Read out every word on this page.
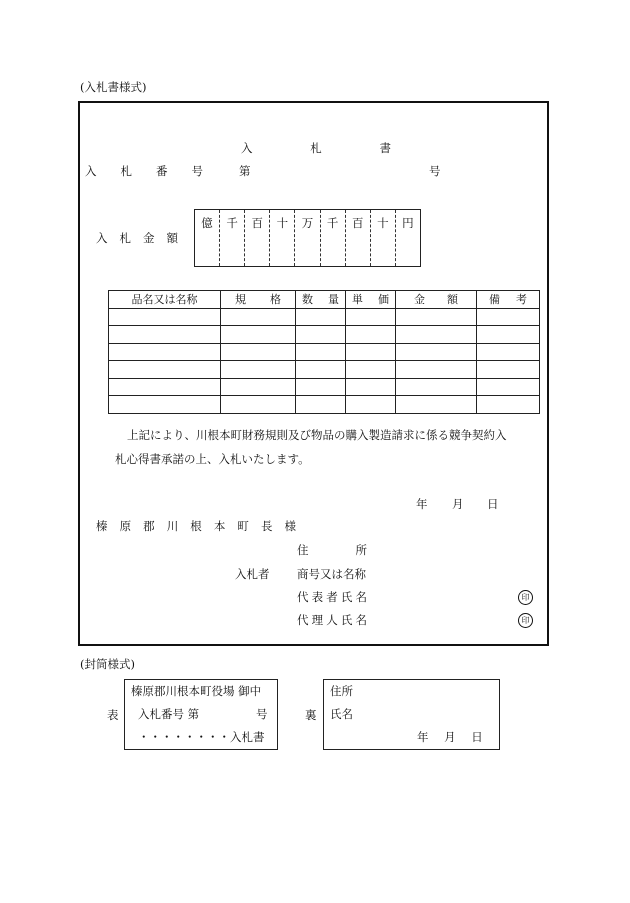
(入札書様式)
入	札	書
入 札 番 号	第	号
入 札 金 額
億	千	百	十	万	千	百	十	円
品名又は名称	規 格	数 量	単 価	金 額	備 考

上記により、川根本町財務規則及び物品の購入製造請求に係る競争契約入
札心得書承諾の上、入札いたします。
年 月 日
榛 原 郡 川 根 本 町 長 様
住	所
入札者 商号又は名称
代 表 者 氏 名	印
代 理 人 氏 名	印
(封筒様式)
表
榛原郡川根本町役場 御中
入札番号 第	号
・・・・・・・・入札書
裏
住所
氏名
年 月 日
